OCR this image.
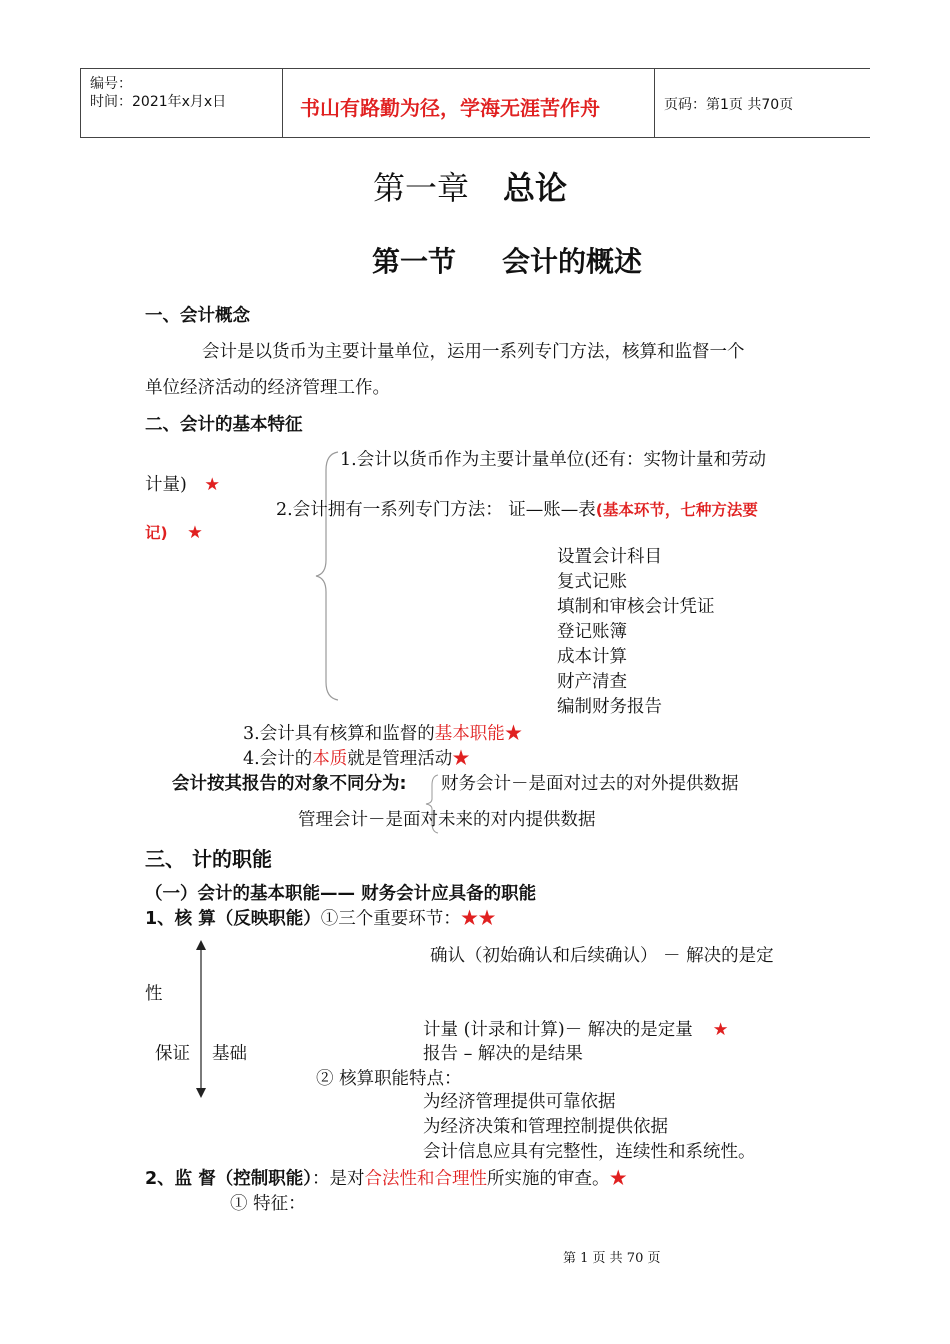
编号：
时间：2021年x月x日	书山有路勤为径，学海无涯苦作舟	页码：第1页 共70页
第一章 总论
第一节 会计的概述
一、会计概念
会计是以货币为主要计量单位，运用一系列专门方法，核算和监督一个
单位经济活动的经济管理工作。
二、会计的基本特征
1.会计以货币作为主要计量单位(还有：实物计量和劳动
计量) ★
2.会计拥有一系列专门方法： 证—账—表(基本环节，七种方法要
记) ★
设置会计科目
复式记账
填制和审核会计凭证
登记账簿
成本计算
财产清查
编制财务报告
3.会计具有核算和监督的基本职能★
4.会计的本质就是管理活动★
会计按其报告的对象不同分为: 财务会计－是面对过去的对外提供数据
管理会计－是面对未来的对内提供数据
三、 计的职能
（一）会计的基本职能—— 财务会计应具备的职能
1、核 算（反映职能）①三个重要环节：★★
确认（初始确认和后续确认） － 解决的是定
性
计量 (计录和计算)－ 解决的是定量 ★
保证 基础	报告 – 解决的是结果
② 核算职能特点：
为经济管理提供可靠依据
为经济决策和管理控制提供依据
会计信息应具有完整性，连续性和系统性。
2、监 督（控制职能）：是对合法性和合理性所实施的审查。★
① 特征：
第 1 页 共 70 页
